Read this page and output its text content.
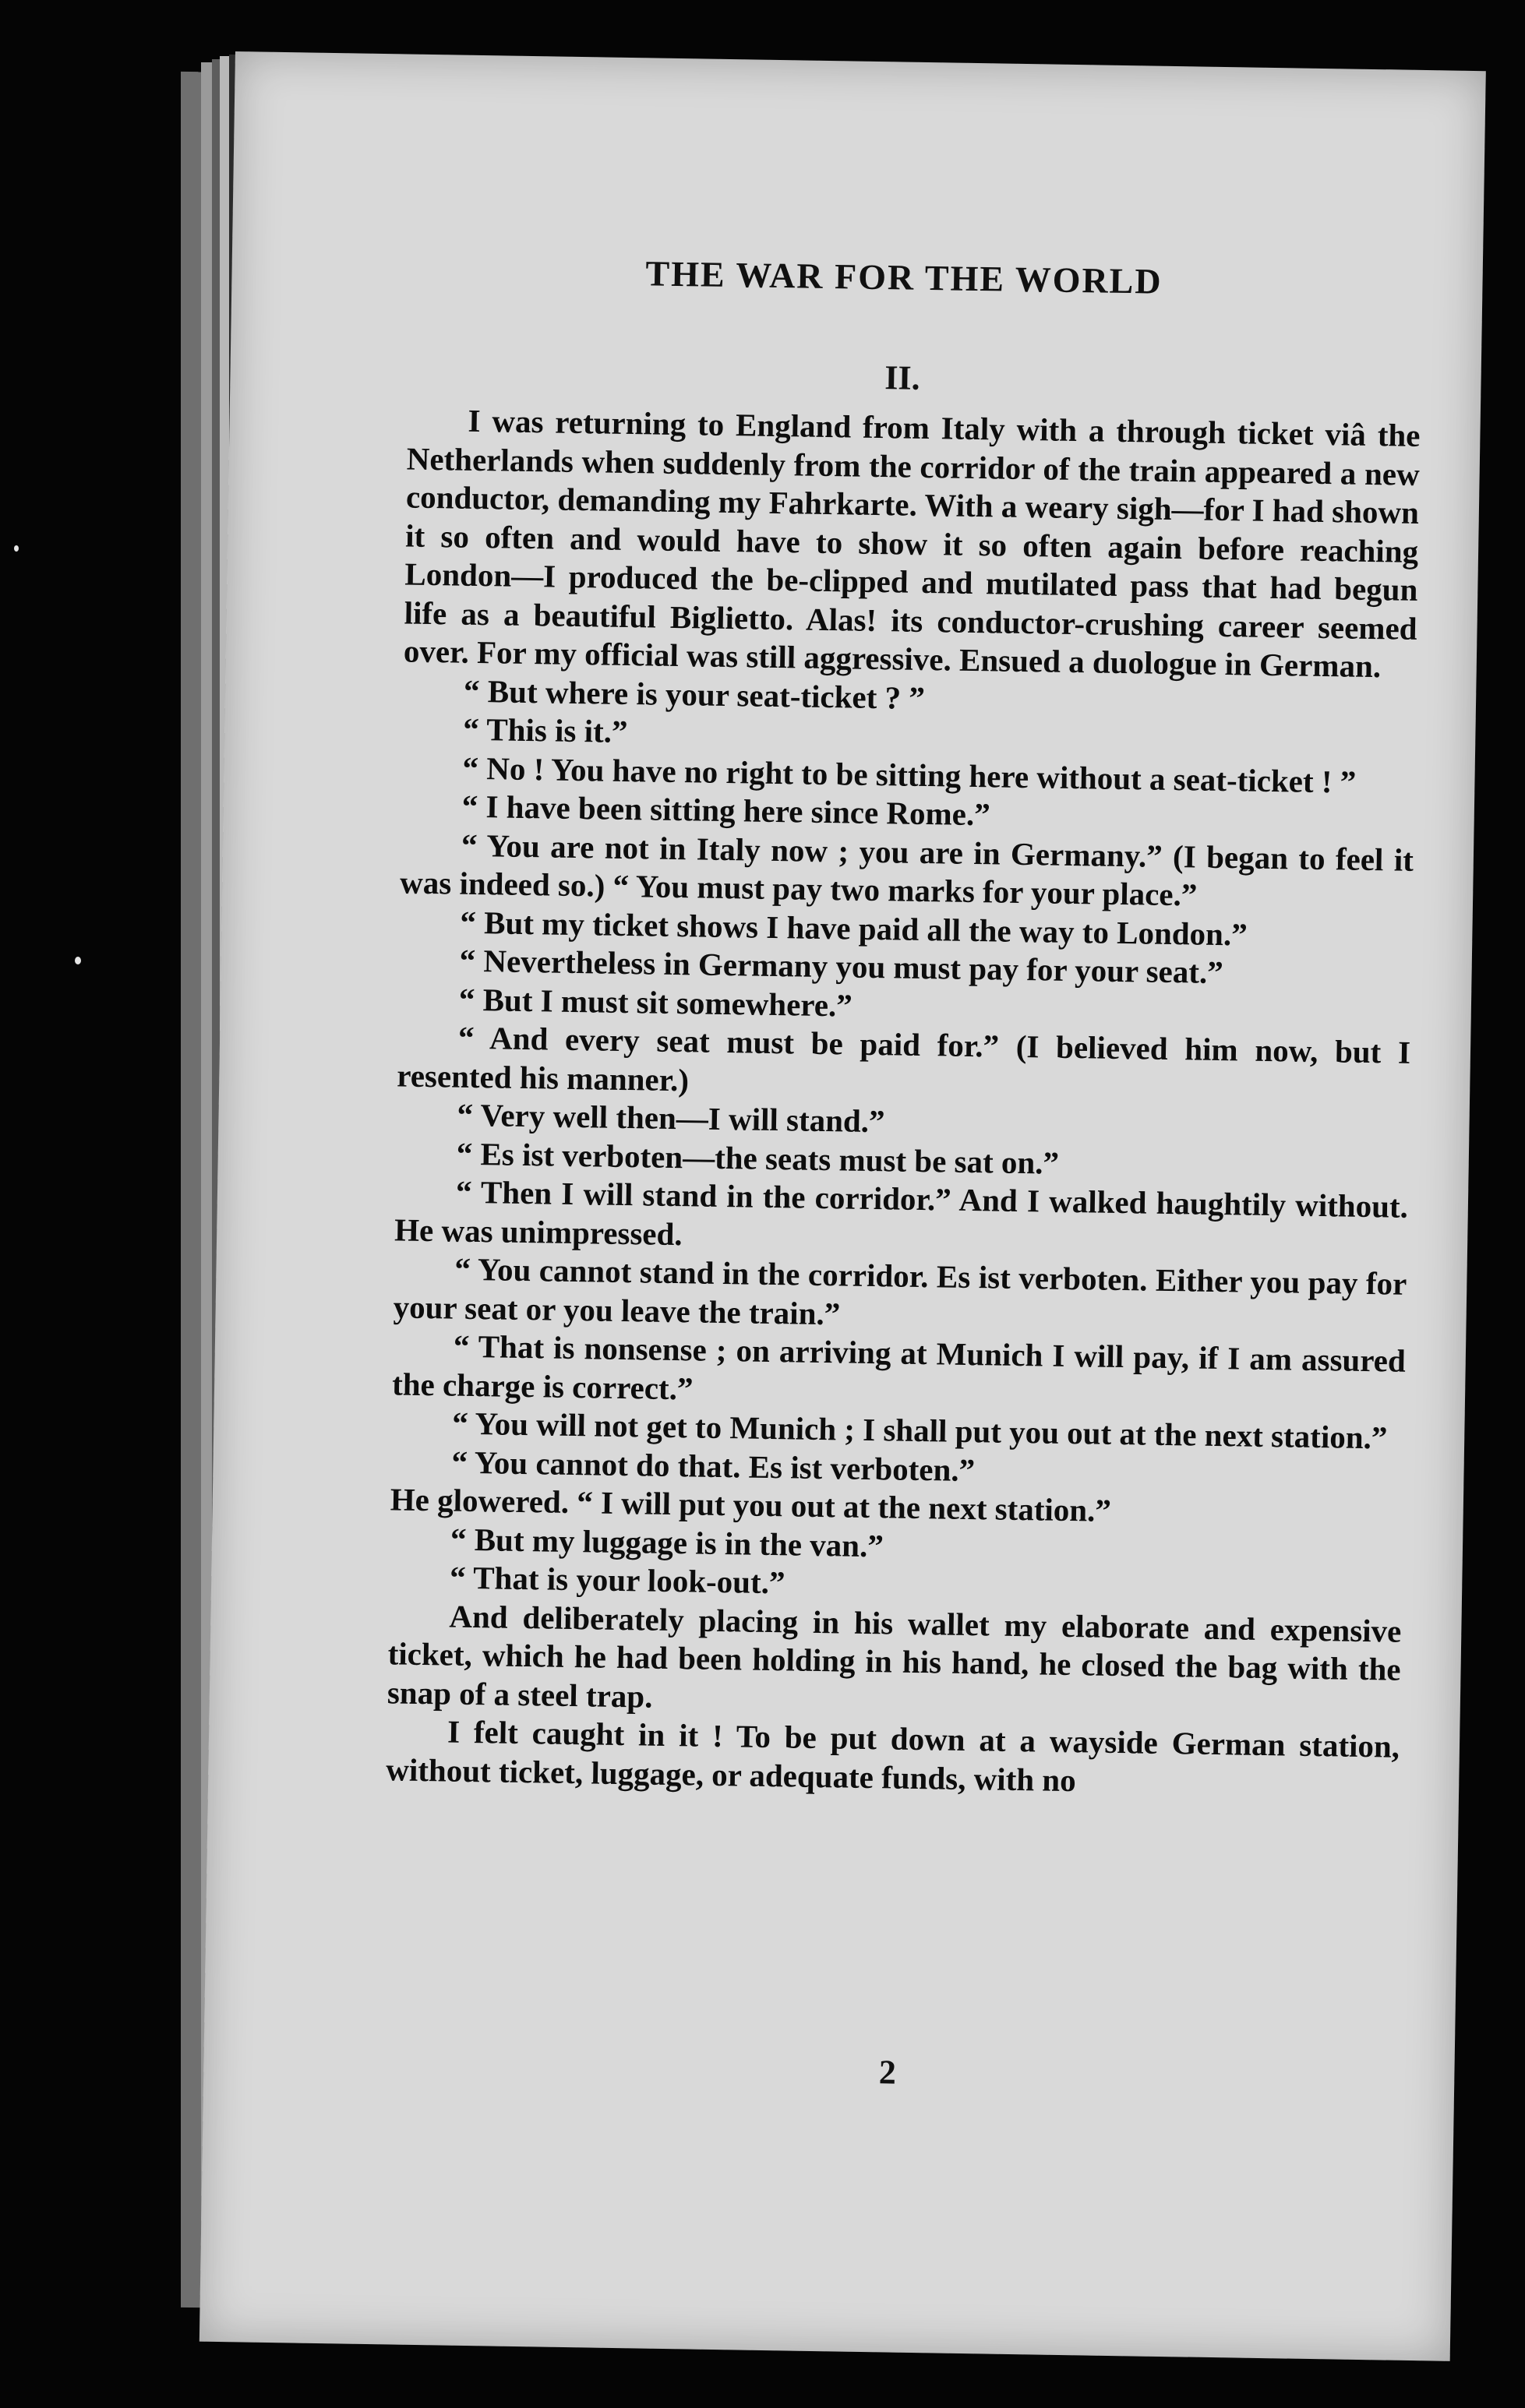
THE WAR FOR THE WORLD
II.

I was returning to England from Italy with a through ticket viâ the Netherlands when suddenly from the corridor of the train appeared a new conductor, demanding my Fahrkarte. With a weary sigh—for I had shown it so often and would have to show it so often again before reaching London—I produced the be-clipped and mutilated pass that had begun life as a beautiful Biglietto. Alas! its conductor-crushing career seemed over. For my official was still aggressive. Ensued a duologue in German.

“ But where is your seat-ticket ? ”

“ This is it.”

“ No ! You have no right to be sitting here without a seat-ticket ! ”

“ I have been sitting here since Rome.”

“ You are not in Italy now ; you are in Germany.” (I began to feel it was indeed so.) “ You must pay two marks for your place.”

“ But my ticket shows I have paid all the way to London.”

“ Nevertheless in Germany you must pay for your seat.”

“ But I must sit somewhere.”

“ And every seat must be paid for.” (I believed him now, but I resented his manner.)

“ Very well then—I will stand.”

“ Es ist verboten—the seats must be sat on.”

“ Then I will stand in the corridor.” And I walked haughtily without. He was unimpressed.

“ You cannot stand in the corridor. Es ist verboten. Either you pay for your seat or you leave the train.”

“ That is nonsense ; on arriving at Munich I will pay, if I am assured the charge is correct.”

“ You will not get to Munich ; I shall put you out at the next station.”

“ You cannot do that. Es ist verboten.”

He glowered. “ I will put you out at the next station.”

“ But my luggage is in the van.”

“ That is your look-out.”

And deliberately placing in his wallet my elaborate and expensive ticket, which he had been holding in his hand, he closed the bag with the snap of a steel trap.

I felt caught in it ! To be put down at a wayside German station, without ticket, luggage, or adequate funds, with no

2
